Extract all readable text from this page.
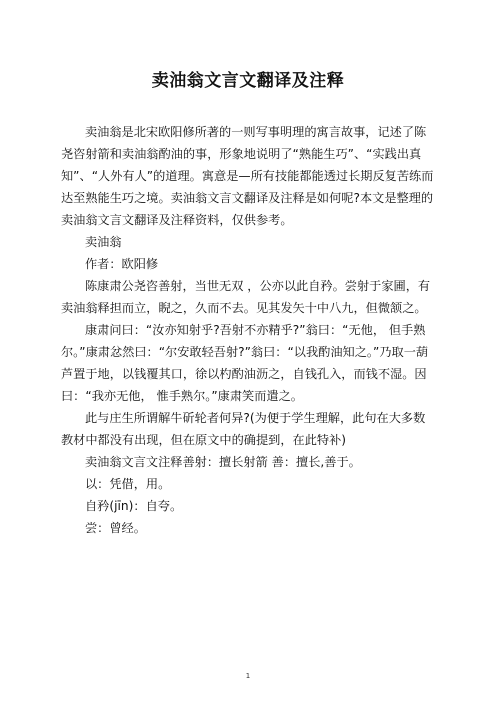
卖油翁文言文翻译及注释

卖油翁是北宋欧阳修所著的一则写事明理的寓言故事，记述了陈尧咨射箭和卖油翁酌油的事，形象地说明了“熟能生巧”、“实践出真知”、“人外有人”的道理。寓意是—所有技能都能透过长期反复苦练而达至熟能生巧之境。卖油翁文言文翻译及注释是如何呢?本文是整理的卖油翁文言文翻译及注释资料，仅供参考。

卖油翁

作者：欧阳修

陈康肃公尧咨善射，当世无双 ，公亦以此自矜。尝射于家圃，有卖油翁释担而立，睨之，久而不去。见其发矢十中八九，但微颔之。

康肃问曰：“汝亦知射乎?吾射不亦精乎?”翁曰：“无他， 但手熟尔。”康肃忿然曰：“尔安敢轻吾射?”翁曰：“以我酌油知之。”乃取一葫芦置于地，以钱覆其口，徐以杓酌油沥之，自钱孔入，而钱不湿。因曰：“我亦无他， 惟手熟尔。”康肃笑而遣之。

此与庄生所谓解牛斫轮者何异?(为便于学生理解，此句在大多数教材中都没有出现，但在原文中的确提到，在此特补)

卖油翁文言文注释善射：擅长射箭 善：擅长,善于。

以：凭借，用。

自矜(jīn)：自夸。

尝：曾经。

1
